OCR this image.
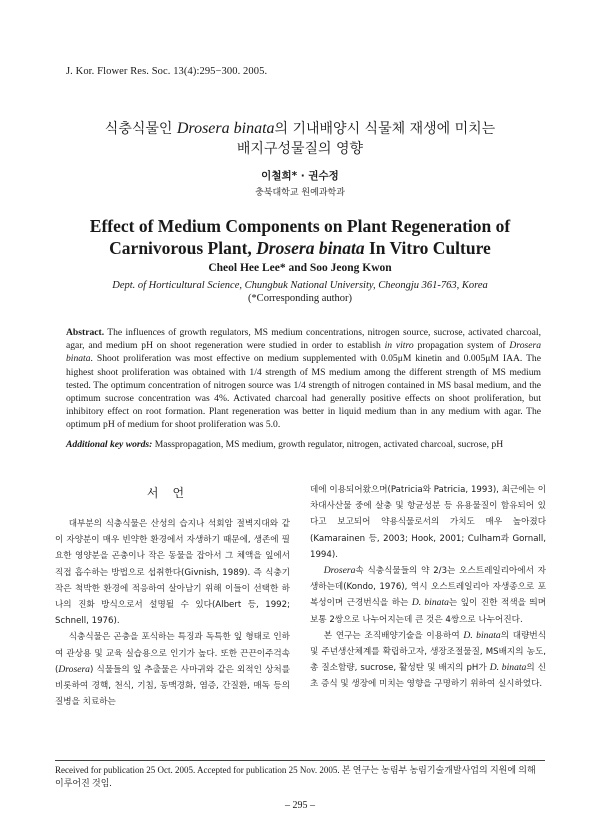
J. Kor. Flower Res. Soc. 13(4):295−300. 2005.
식충식물인 Drosera binata의 기내배양시 식물체 재생에 미치는
배지구성물질의 영향
이철희* · 권수정
충북대학교 원예과학과
Effect of Medium Components on Plant Regeneration of
Carnivorous Plant, Drosera binata In Vitro Culture
Cheol Hee Lee* and Soo Jeong Kwon
Dept. of Horticultural Science, Chungbuk National University, Cheongju 361-763, Korea
(*Corresponding author)
Abstract. The influences of growth regulators, MS medium concentrations, nitrogen source, sucrose, activated charcoal, agar, and medium pH on shoot regeneration were studied in order to establish in vitro propagation system of Drosera binata. Shoot proliferation was most effective on medium supplemented with 0.05μM kinetin and 0.005μM IAA. The highest shoot proliferation was obtained with 1/4 strength of MS medium among the different strength of MS medium tested. The optimum concentration of nitrogen source was 1/4 strength of nitrogen contained in MS basal medium, and the optimum sucrose concentration was 4%. Activated charcoal had generally positive effects on shoot proliferation, but inhibitory effect on root formation. Plant regeneration was better in liquid medium than in any medium with agar. The optimum pH of medium for shoot proliferation was 5.0.
Additional key words: Masspropagation, MS medium, growth regulator, nitrogen, activated charcoal, sucrose, pH
서언

대부분의 식충식물은 산성의 습지나 석회암 절벽지대와 같이 자양분이 매우 빈약한 환경에서 자생하기 때문에, 생존에 필요한 영양분을 곤충이나 작은 동물을 잡아서 그 체액을 잎에서 직접 흡수하는 방법으로 섭취한다(Givnish, 1989). 즉 식충기작은 척박한 환경에 적응하여 살아남기 위해 이들이 선택한 하나의 진화 방식으로서 설명될 수 있다(Albert 등, 1992; Schnell, 1976).

식충식물은 곤충을 포식하는 특징과 독특한 잎 형태로 인하여 관상용 및 교육 실습용으로 인기가 높다. 또한 끈끈이주걱속(Drosera) 식물들의 잎 추출물은 사마귀와 같은 외적인 상처를 비롯하여 경핵, 천식, 기침, 동맥경화, 염증, 간질환, 매독 등의 질병을 치료하는

데에 이용되어왔으며(Patricia와 Patricia, 1993), 최근에는 이차대사산물 중에 살충 및 항균성분 등 유용물질이 함유되어 있다고 보고되어 약용식물로서의 가치도 매우 높아졌다(Kamarainen 등, 2003; Hook, 2001; Culham과 Gornall, 1994).

Drosera속 식충식물들의 약 2/3는 오스트레일리아에서 자생하는데(Kondo, 1976), 역시 오스트레일리아 자생종으로 포복성이며 근경번식을 하는 D. binata는 잎이 진한 적색을 띄며 보통 2쌍으로 나누어지는데 큰 것은 4쌍으로 나누어진다.

본 연구는 조직배양기술을 이용하여 D. binata의 대량번식 및 주년생산체계를 확립하고자, 생장조절물질, MS배지의 농도, 총 질소함량, sucrose, 활성탄 및 배지의 pH가 D. binata의 신초 증식 및 생장에 미치는 영향을 구명하기 위하여 실시하였다.

Received for publication 25 Oct. 2005. Accepted for publication 25 Nov. 2005. 본 연구는 농림부 농림기술개발사업의 지원에 의해 이루어진 것임.
– 295 –
